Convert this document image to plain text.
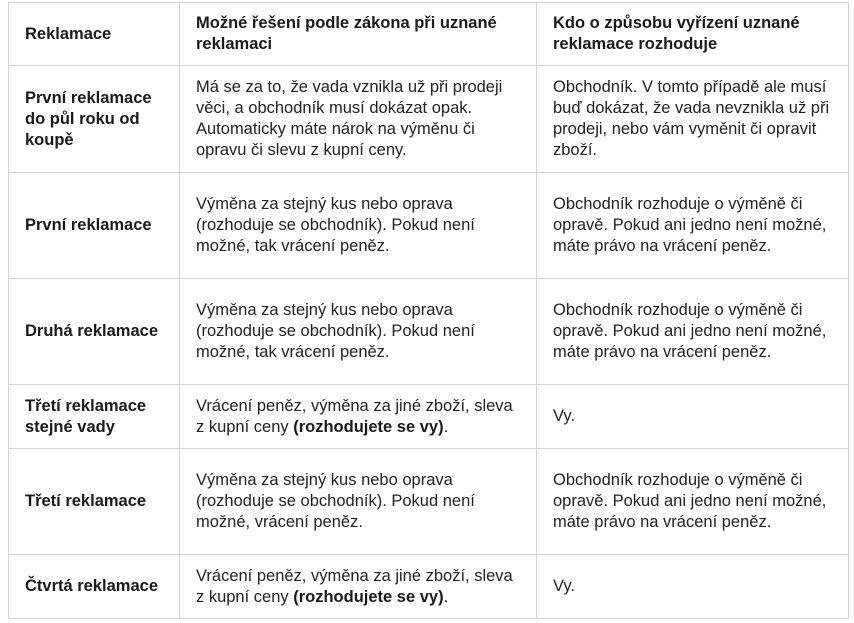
Reklamace	Možné řešení podle zákona při uznané reklamaci	Kdo o způsobu vyřízení uznané reklamace rozhoduje
První reklamace do půl roku od koupě	Má se za to, že vada vznikla už při prodeji věci, a obchodník musí dokázat opak. Automaticky máte nárok na výměnu či opravu či slevu z kupní ceny.	Obchodník. V tomto případě ale musí buď dokázat, že vada nevznikla už při prodeji, nebo vám vyměnit či opravit zboží.
První reklamace	Výměna za stejný kus nebo oprava (rozhoduje se obchodník). Pokud není možné, tak vrácení peněz.	Obchodník rozhoduje o výměně či opravě. Pokud ani jedno není možné, máte právo na vrácení peněz.
Druhá reklamace	Výměna za stejný kus nebo oprava (rozhoduje se obchodník). Pokud není možné, tak vrácení peněz.	Obchodník rozhoduje o výměně či opravě. Pokud ani jedno není možné, máte právo na vrácení peněz.
Třetí reklamace stejné vady	Vrácení peněz, výměna za jiné zboží, sleva z kupní ceny (rozhodujete se vy).	Vy.
Třetí reklamace	Výměna za stejný kus nebo oprava (rozhoduje se obchodník). Pokud není možné, vrácení peněz.	Obchodník rozhoduje o výměně či opravě. Pokud ani jedno není možné, máte právo na vrácení peněz.
Čtvrtá reklamace	Vrácení peněz, výměna za jiné zboží, sleva z kupní ceny (rozhodujete se vy).	Vy.
